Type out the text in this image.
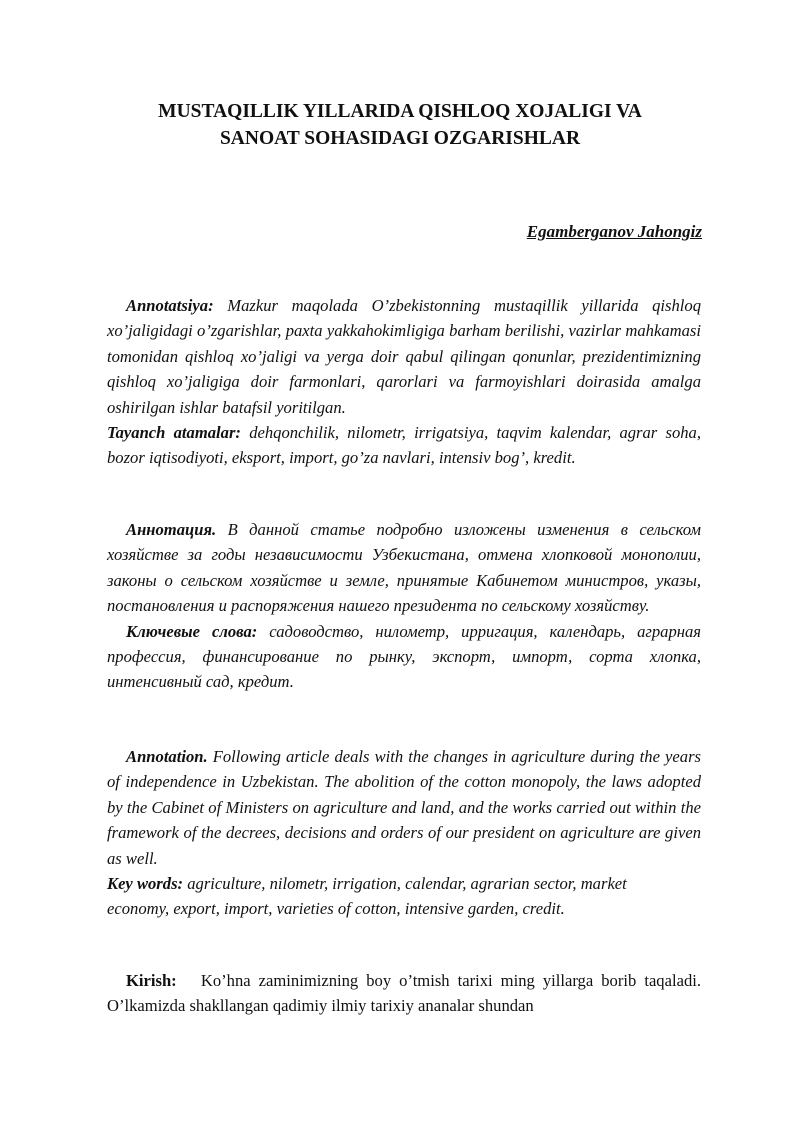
MUSTAQILLIK YILLARIDA QISHLOQ XOJALIGI VA
SANOAT SOHASIDAGI OZGARISHLAR
Egamberganov Jahongiz

Annotatsiya: Mazkur maqolada O’zbekistonning mustaqillik yillarida qishloq xo’jaligidagi o’zgarishlar, paxta yakkahokimligiga barham berilishi, vazirlar mahkamasi tomonidan qishloq xo’jaligi va yerga doir qabul qilingan qonunlar, prezidentimizning qishloq xo’jaligiga doir farmonlari, qarorlari va farmoyishlari doirasida amalga oshirilgan ishlar batafsil yoritilgan.

Tayanch atamalar: dehqonchilik, nilometr, irrigatsiya, taqvim kalendar, agrar soha, bozor iqtisodiyoti, eksport, import, go’za navlari, intensiv bog’, kredit.

Аннотация. В данной статье подробно изложены изменения в сельском хозяйстве за годы независимости Узбекистана, отмена хлопковой монополии, законы о сельском хозяйстве и земле, принятые Кабинетом министров, указы, постановления и распоряжения нашего президента по сельскому хозяйству.

Ключевые слова: садоводство, нилометр, ирригация, календарь, аграрная профессия, финансирование по рынку, экспорт, импорт, сорта хлопка, интенсивный сад, кредит.

Annotation. Following article deals with the changes in agriculture during the years of independence in Uzbekistan. The abolition of the cotton monopoly, the laws adopted by the Cabinet of Ministers on agriculture and land, and the works carried out within the framework of the decrees, decisions and orders of our president on agriculture are given as well.

Key words: agriculture, nilometr, irrigation, calendar, agrarian sector, market
economy, export, import, varieties of cotton, intensive garden, credit.

Kirish: Ko’hna zaminimizning boy o’tmish tarixi ming yillarga borib taqaladi. O’lkamizda shakllangan qadimiy ilmiy tarixiy ananalar shundan
